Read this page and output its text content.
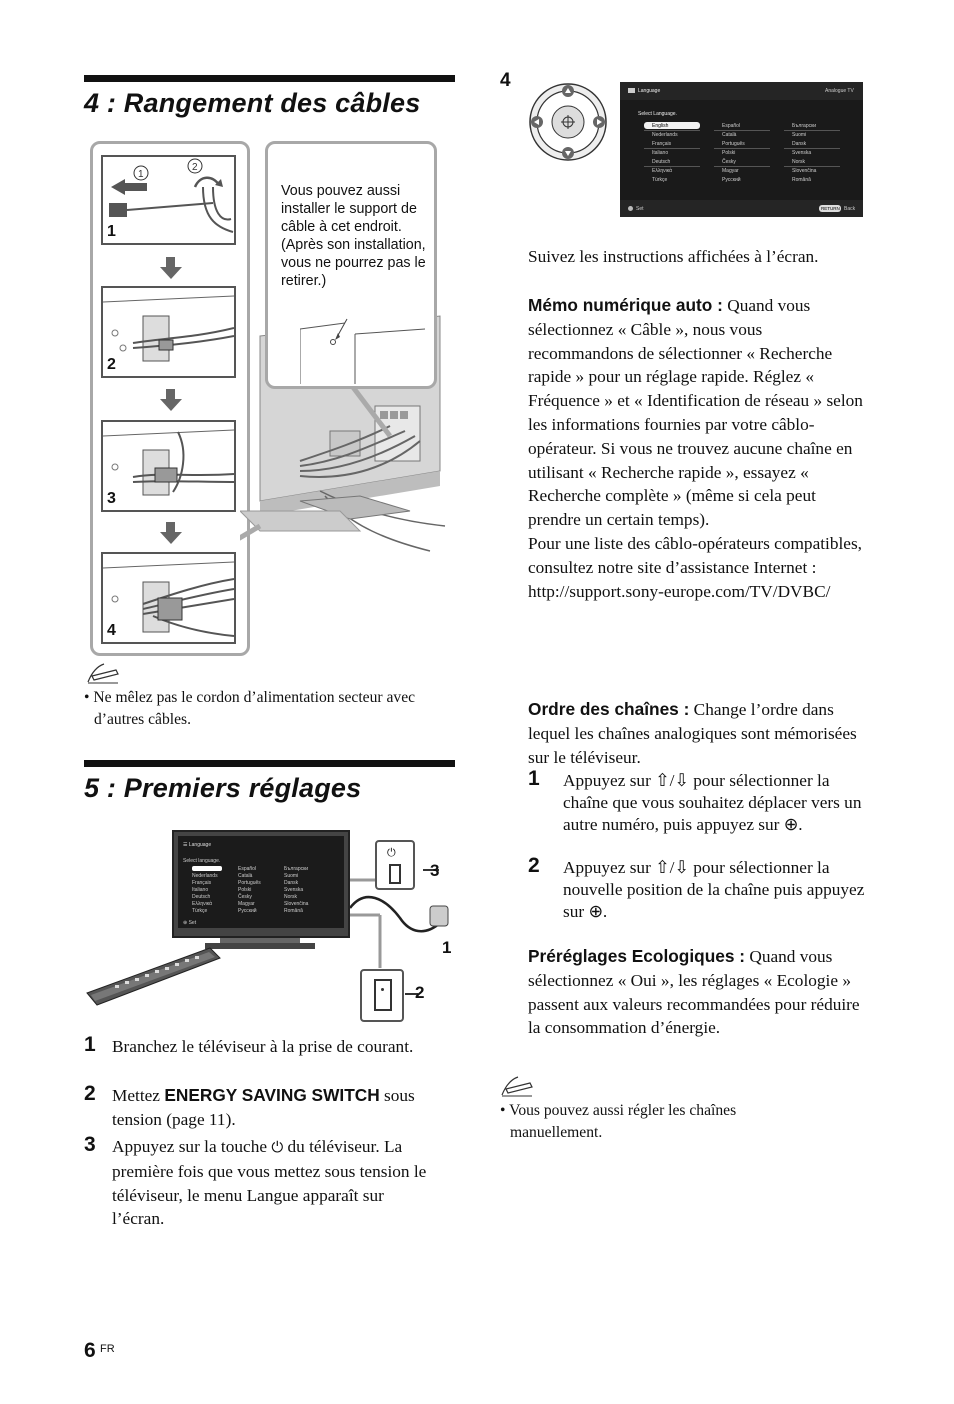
4 : Rangement des câbles
Vous pouvez aussi installer le support de câble à cet endroit. (Après son installation, vous ne pourrez pas le retirer.)
1
2
1
2
3
4
• Ne mêlez pas le cordon d’alimentation secteur avec d’autres câbles.
5 : Premiers réglages
☰ Language
Select language.
Nederlands
Français
Italiano
Deutsch
Ελληνικά
Türkçe
Español
Català
Português
Polski
Česky
Magyar
Русский
Български
Suomi
Dansk
Svenska
Norsk
Slovenčina
Română
⊕ Set
⏻
3
1
2
1 Branchez le téléviseur à la prise de courant.
2 Mettez ENERGY SAVING SWITCH sous tension (page 11).
3 Appuyez sur la touche ⏻ du téléviseur. La première fois que vous mettez sous tension le téléviseur, le menu Langue apparaît sur l’écran.
4	Language	Analogue TV
Select Language.
English
Nederlands
Français
Italiano
Deutsch
Ελληνικά
Türkçe
Español
Català
Português
Polski
Česky
Magyar
Русский
Български
Suomi
Dansk
Svenska
Norsk
Slovenčina
Română
Set	RETURN Back
Suivez les instructions affichées à l’écran.
Mémo numérique auto : Quand vous sélectionnez « Câble », nous vous recommandons de sélectionner « Recherche rapide » pour un réglage rapide. Réglez « Fréquence » et « Identification de réseau » selon les informations fournies par votre câblo-opérateur. Si vous ne trouvez aucune chaîne en utilisant « Recherche rapide », essayez « Recherche complète » (même si cela peut prendre un certain temps).
Pour une liste des câblo-opérateurs compatibles, consultez notre site d’assistance Internet : http://support.sony-europe.com/TV/DVBC/
Ordre des chaînes : Change l’ordre dans lequel les chaînes analogiques sont mémorisées sur le téléviseur.
1 Appuyez sur ⇧/⇩ pour sélectionner la chaîne que vous souhaitez déplacer vers un autre numéro, puis appuyez sur ⊕.
2 Appuyez sur ⇧/⇩ pour sélectionner la nouvelle position de la chaîne puis appuyez sur ⊕.
Préréglages Ecologiques : Quand vous sélectionnez « Oui », les réglages « Ecologie » passent aux valeurs recommandées pour réduire la consommation d’énergie.
• Vous pouvez aussi régler les chaînes manuellement.
6 FR
